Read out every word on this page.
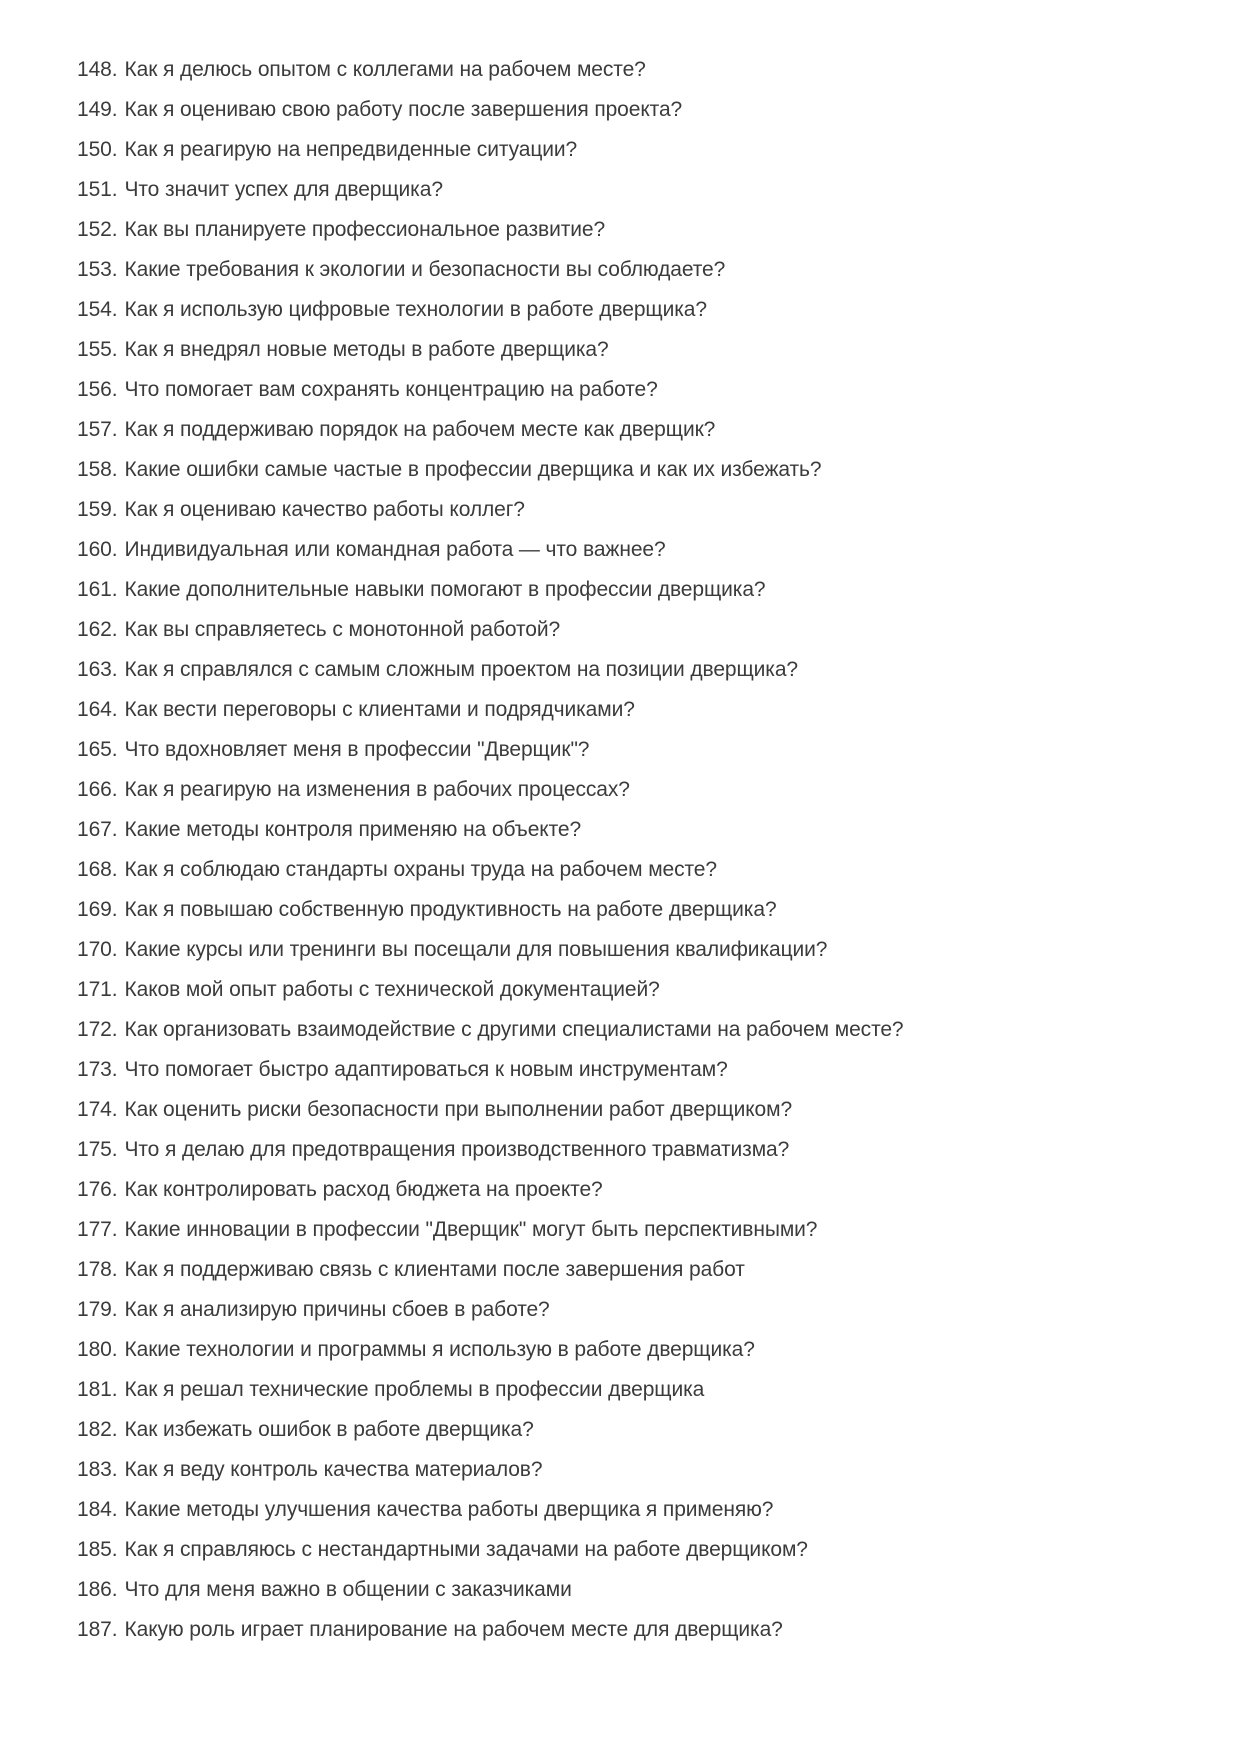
148. Как я делюсь опытом с коллегами на рабочем месте?
149. Как я оцениваю свою работу после завершения проекта?
150. Как я реагирую на непредвиденные ситуации?
151. Что значит успех для дверщика?
152. Как вы планируете профессиональное развитие?
153. Какие требования к экологии и безопасности вы соблюдаете?
154. Как я использую цифровые технологии в работе дверщика?
155. Как я внедрял новые методы в работе дверщика?
156. Что помогает вам сохранять концентрацию на работе?
157. Как я поддерживаю порядок на рабочем месте как дверщик?
158. Какие ошибки самые частые в профессии дверщика и как их избежать?
159. Как я оцениваю качество работы коллег?
160. Индивидуальная или командная работа — что важнее?
161. Какие дополнительные навыки помогают в профессии дверщика?
162. Как вы справляетесь с монотонной работой?
163. Как я справлялся с самым сложным проектом на позиции дверщика?
164. Как вести переговоры с клиентами и подрядчиками?
165. Что вдохновляет меня в профессии "Дверщик"?
166. Как я реагирую на изменения в рабочих процессах?
167. Какие методы контроля применяю на объекте?
168. Как я соблюдаю стандарты охраны труда на рабочем месте?
169. Как я повышаю собственную продуктивность на работе дверщика?
170. Какие курсы или тренинги вы посещали для повышения квалификации?
171. Каков мой опыт работы с технической документацией?
172. Как организовать взаимодействие с другими специалистами на рабочем месте?
173. Что помогает быстро адаптироваться к новым инструментам?
174. Как оценить риски безопасности при выполнении работ дверщиком?
175. Что я делаю для предотвращения производственного травматизма?
176. Как контролировать расход бюджета на проекте?
177. Какие инновации в профессии "Дверщик" могут быть перспективными?
178. Как я поддерживаю связь с клиентами после завершения работ
179. Как я анализирую причины сбоев в работе?
180. Какие технологии и программы я использую в работе дверщика?
181. Как я решал технические проблемы в профессии дверщика
182. Как избежать ошибок в работе дверщика?
183. Как я веду контроль качества материалов?
184. Какие методы улучшения качества работы дверщика я применяю?
185. Как я справляюсь с нестандартными задачами на работе дверщиком?
186. Что для меня важно в общении с заказчиками
187. Какую роль играет планирование на рабочем месте для дверщика?
